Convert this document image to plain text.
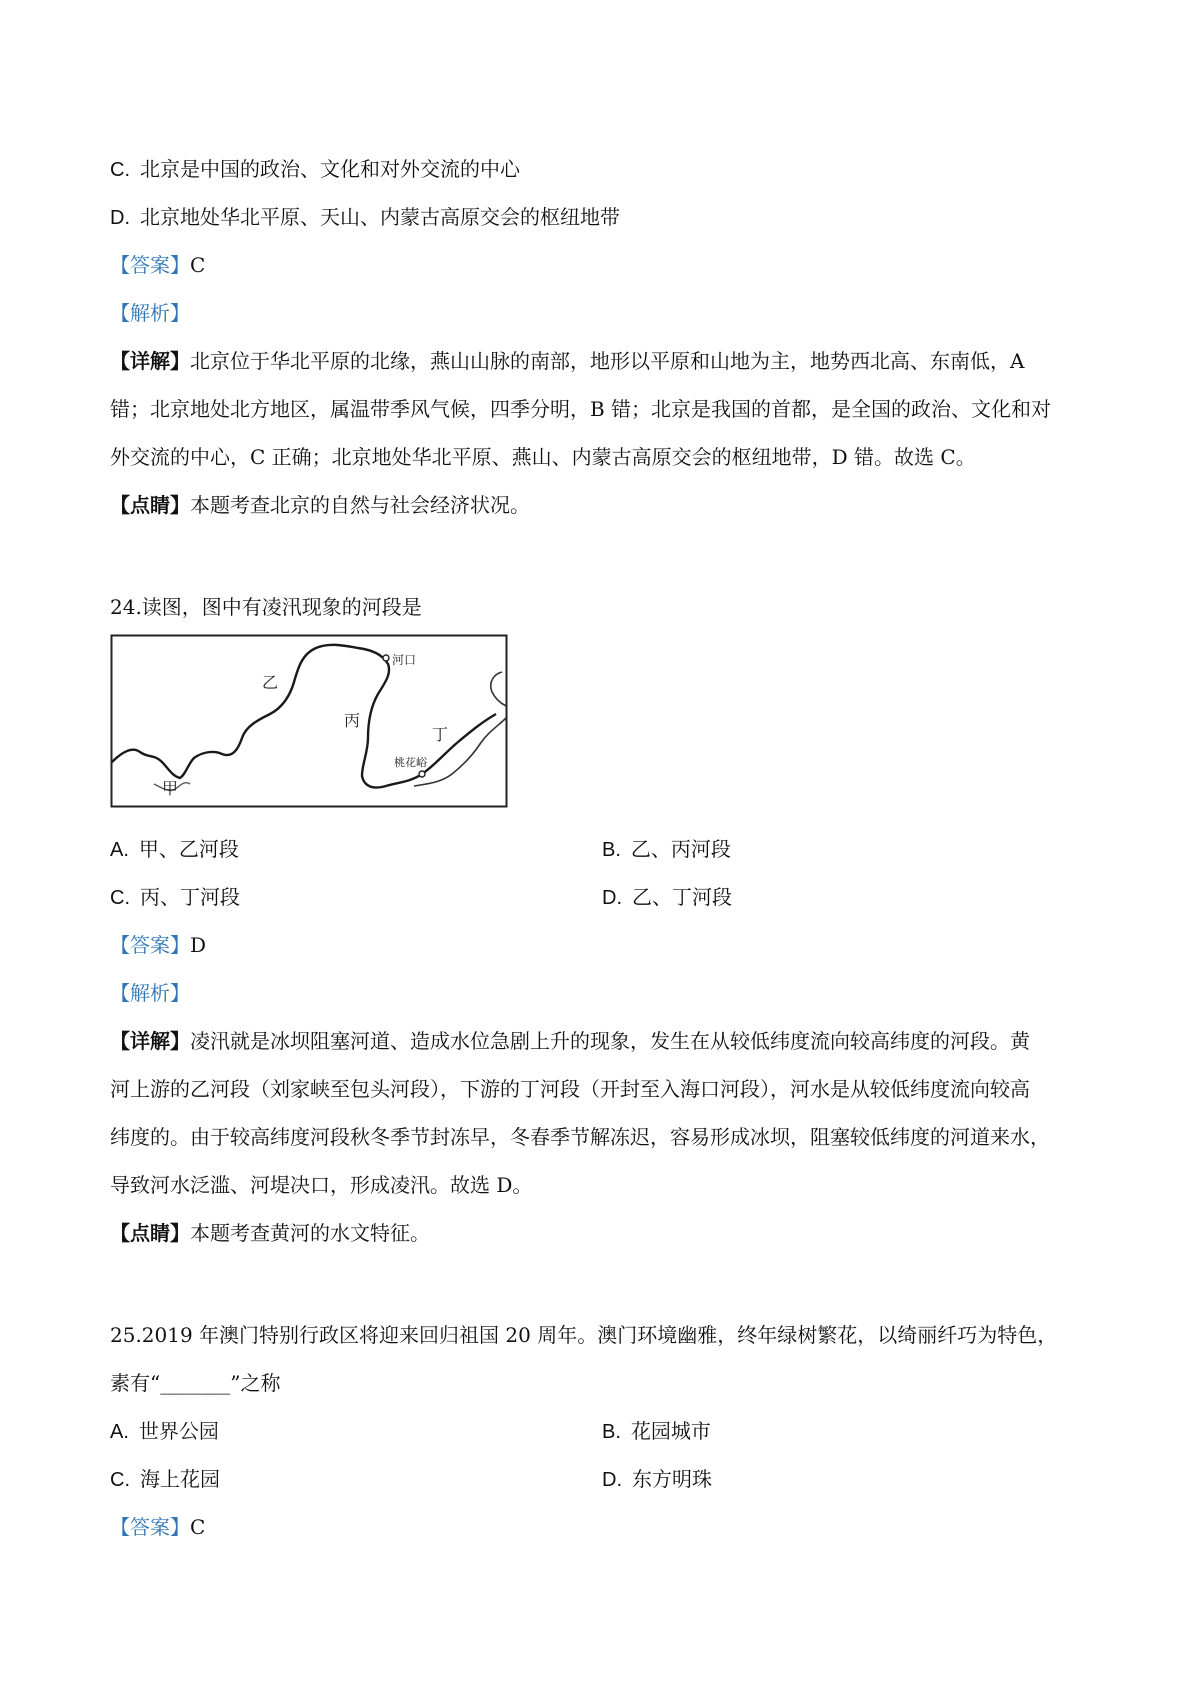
C. 北京是中国的政治、文化和对外交流的中心
D. 北京地处华北平原、天山、内蒙古高原交会的枢纽地带
【答案】C
【解析】
【详解】北京位于华北平原的北缘，燕山山脉的南部，地形以平原和山地为主，地势西北高、东南低，A
错；北京地处北方地区，属温带季风气候，四季分明，B 错；北京是我国的首都，是全国的政治、文化和对
外交流的中心，C 正确；北京地处华北平原、燕山、内蒙古高原交会的枢纽地带，D 错。故选 C。
【点睛】本题考查北京的自然与社会经济状况。
24.读图，图中有凌汛现象的河段是
甲
乙
丙
丁
河口
桃花峪
A. 甲、乙河段	B. 乙、丙河段
C. 丙、丁河段	D. 乙、丁河段
【答案】D
【解析】
【详解】凌汛就是冰坝阻塞河道、造成水位急剧上升的现象，发生在从较低纬度流向较高纬度的河段。黄
河上游的乙河段（刘家峡至包头河段），下游的丁河段（开封至入海口河段），河水是从较低纬度流向较高
纬度的。由于较高纬度河段秋冬季节封冻早，冬春季节解冻迟，容易形成冰坝，阻塞较低纬度的河道来水，
导致河水泛滥、河堤决口，形成凌汛。故选 D。
【点睛】本题考查黄河的水文特征。
25.2019 年澳门特别行政区将迎来回归祖国 20 周年。澳门环境幽雅，终年绿树繁花，以绮丽纤巧为特色，
素有“_______”之称
A. 世界公园	B. 花园城市
C. 海上花园	D. 东方明珠
【答案】C
